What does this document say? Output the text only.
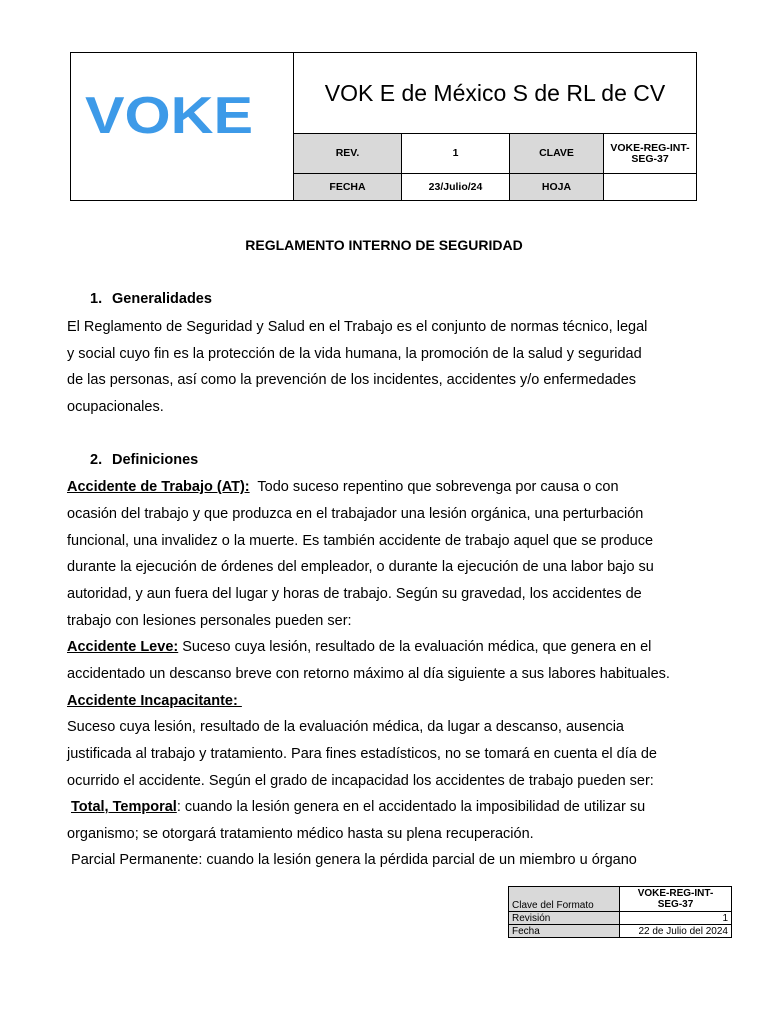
VOKE	VOK E de México S de RL de CV
REV.	1	CLAVE	VOKE-REG-INT-SEG-37
FECHA	23/Julio/24	HOJA
REGLAMENTO INTERNO DE SEGURIDAD
1. Generalidades
El Reglamento de Seguridad y Salud en el Trabajo es el conjunto de normas técnico, legal
y social cuyo fin es la protección de la vida humana, la promoción de la salud y seguridad
de las personas, así como la prevención de los incidentes, accidentes y/o enfermedades
ocupacionales.
2. Definiciones
Accidente de Trabajo (AT):  Todo suceso repentino que sobrevenga por causa o con
ocasión del trabajo y que produzca en el trabajador una lesión orgánica, una perturbación
funcional, una invalidez o la muerte. Es también accidente de trabajo aquel que se produce
durante la ejecución de órdenes del empleador, o durante la ejecución de una labor bajo su
autoridad, y aun fuera del lugar y horas de trabajo. Según su gravedad, los accidentes de
trabajo con lesiones personales pueden ser:
Accidente Leve: Suceso cuya lesión, resultado de la evaluación médica, que genera en el
accidentado un descanso breve con retorno máximo al día siguiente a sus labores habituales.
Accidente Incapacitante:
Suceso cuya lesión, resultado de la evaluación médica, da lugar a descanso, ausencia
justificada al trabajo y tratamiento. Para fines estadísticos, no se tomará en cuenta el día de
ocurrido el accidente. Según el grado de incapacidad los accidentes de trabajo pueden ser:
Total, Temporal: cuando la lesión genera en el accidentado la imposibilidad de utilizar su
organismo; se otorgará tratamiento médico hasta su plena recuperación.
Parcial Permanente: cuando la lesión genera la pérdida parcial de un miembro u órgano
Clave del Formato	VOKE-REG-INT-SEG-37
Revisión	1
Fecha	22 de Julio del 2024
